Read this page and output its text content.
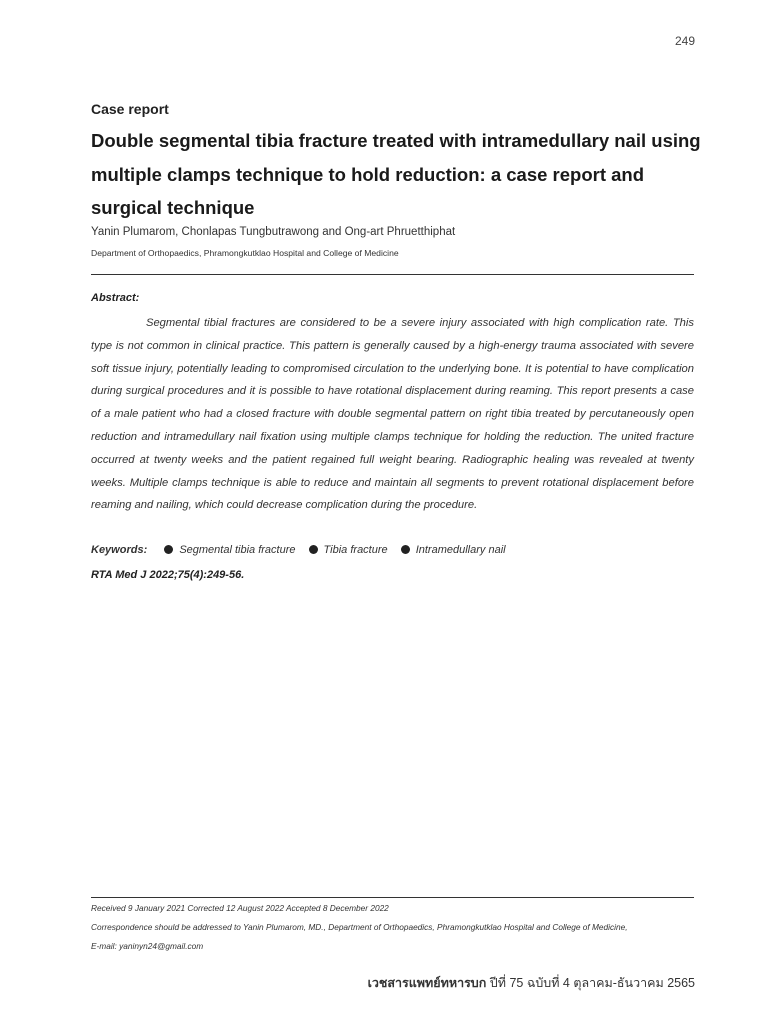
249
Case report
Double segmental tibia fracture treated with intramedullary nail using multiple clamps technique to hold reduction: a case report and surgical technique
Yanin Plumarom, Chonlapas Tungbutrawong and Ong-art Phruetthiphat
Department of Orthopaedics, Phramongkutklao Hospital and College of Medicine
Abstract:

Segmental tibial fractures are considered to be a severe injury associated with high complication rate. This type is not common in clinical practice. This pattern is generally caused by a high-energy trauma associated with severe soft tissue injury, potentially leading to compromised circulation to the underlying bone. It is potential to have complication during surgical procedures and it is possible to have rotational displacement during reaming. This report presents a case of a male patient who had a closed fracture with double segmental pattern on right tibia treated by percutaneously open reduction and intramedullary nail fixation using multiple clamps technique for holding the reduction. The united fracture occurred at twenty weeks and the patient regained full weight bearing. Radiographic healing was revealed at twenty weeks. Multiple clamps technique is able to reduce and maintain all segments to prevent rotational displacement before reaming and nailing, which could decrease complication during the procedure.

Keywords:	Segmental tibia fracture	Tibia fracture	Intramedullary nail
RTA Med J 2022;75(4):249-56.
Received 9 January 2021 Corrected 12 August 2022 Accepted 8 December 2022
Correspondence should be addressed to Yanin Plumarom, MD., Department of Orthopaedics, Phramongkutklao Hospital and College of Medicine,
E-mail: yaninyn24@gmail.com
เวชสารแพทย์ทหารบก ปีที่ 75 ฉบับที่ 4 ตุลาคม-ธันวาคม 2565
